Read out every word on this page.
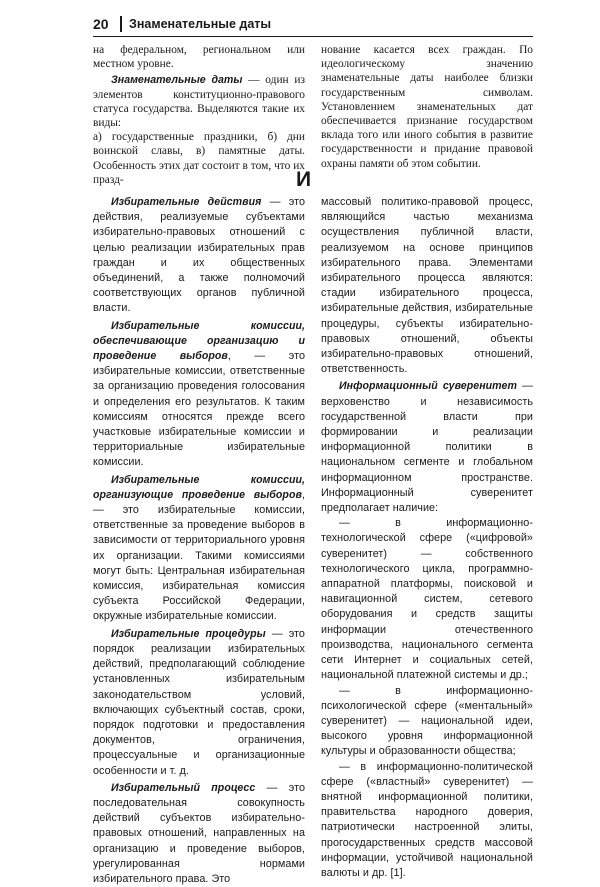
20 Знаменательные даты

на федеральном, региональном или местном уровне.

Знаменательные даты — один из элементов конституционно-правового статуса государства. Выделяются такие их виды:

а) государственные праздники, б) дни воинской славы, в) памятные даты. Особенность этих дат состоит в том, что их празд-

нование касается всех граждан. По идеологическому значению знаменательные даты наиболее близки государственным символам. Установлением знаменательных дат обеспечивается признание государством вклада того или иного события в развитие государственности и придание правовой охраны памяти об этом событии.

И

Избирательные действия — это действия, реализуемые субъектами избирательно-правовых отношений с целью реализации избирательных прав граждан и их общественных объединений, а также полномочий соответствующих органов публичной власти.

Избирательные комиссии, обеспечивающие организацию и проведение выборов, — это избирательные комиссии, ответственные за организацию проведения голосования и определения его результатов. К таким комиссиям относятся прежде всего участковые избирательные комиссии и территориальные избирательные комиссии.

Избирательные комиссии, организующие проведение выборов, — это избирательные комиссии, ответственные за проведение выборов в зависимости от территориального уровня их организации. Такими комиссиями могут быть: Центральная избирательная комиссия, избирательная комиссия субъекта Российской Федерации, окружные избирательные комиссии.

Избирательные процедуры — это порядок реализации избирательных действий, предполагающий соблюдение установленных избирательным законодательством условий, включающих субъектный состав, сроки, порядок подготовки и предоставления документов, ограничения, процессуальные и организационные особенности и т. д.

Избирательный процесс — это последовательная совокупность действий субъектов избирательно-правовых отношений, направленных на организацию и проведение выборов, урегулированная нормами избирательного права. Это

массовый политико-правовой процесс, являющийся частью механизма осуществления публичной власти, реализуемом на основе принципов избирательного права. Элементами избирательного процесса являются: стадии избирательного процесса, избирательные действия, избирательные процедуры, субъекты избирательно-правовых отношений, объекты избирательно-правовых отношений, ответственность.

Информационный суверенитет — верховенство и независимость государственной власти при формировании и реализации информационной политики в национальном сегменте и глобальном информационном пространстве. Информационный суверенитет предполагает наличие:

— в информационно-технологической сфере («цифровой» суверенитет) — собственного технологического цикла, программно-аппаратной платформы, поисковой и навигационной систем, сетевого оборудования и средств защиты информации отечественного производства, национального сегмента сети Интернет и социальных сетей, национальной платежной системы и др.;

— в информационно-психологической сфере («ментальный» суверенитет) — национальной идеи, высокого уровня информационной культуры и образованности общества;

— в информационно-политической сфере («властный» суверенитет) — внятной информационной политики, правительства народного доверия, патриотически настроенной элиты, прогосударственных средств массовой информации, устойчивой национальной валюты и др. [1].
